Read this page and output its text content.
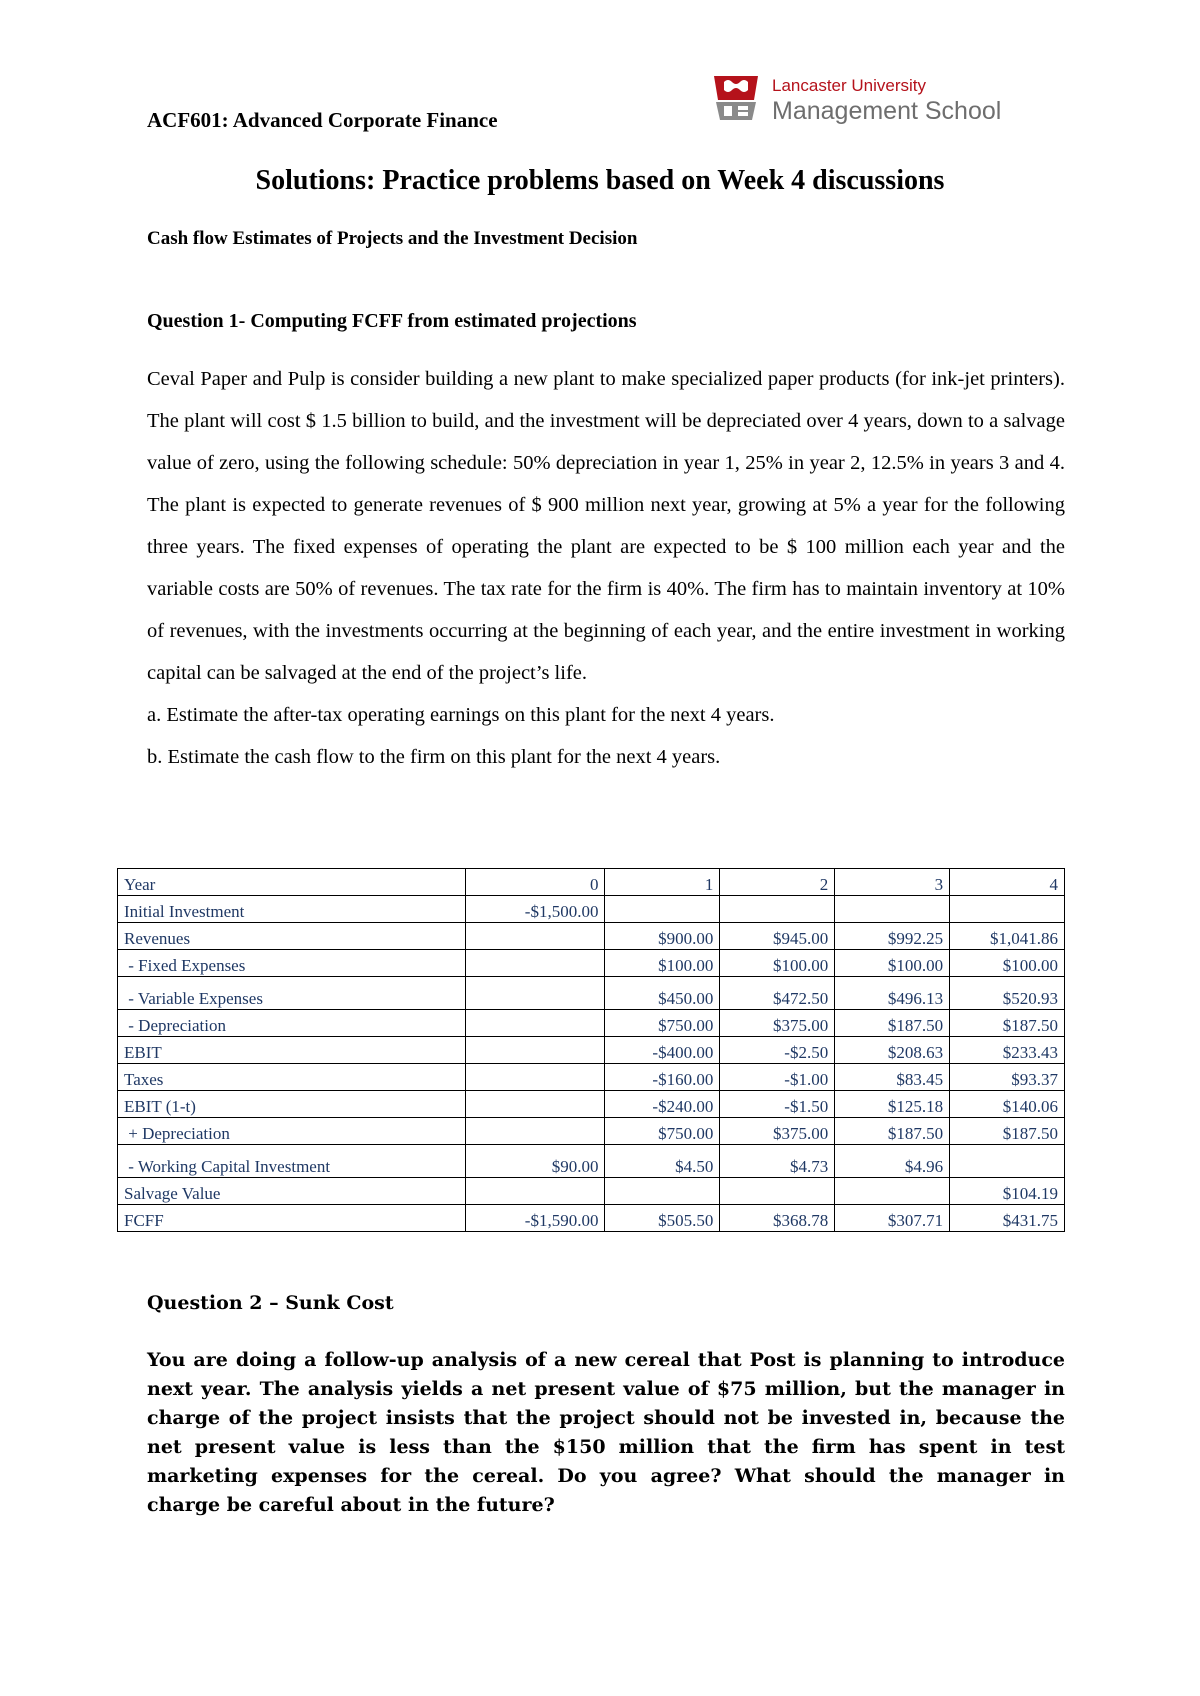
ACF601: Advanced Corporate Finance
Lancaster University
Management School
Solutions: Practice problems based on Week 4 discussions
Cash flow Estimates of Projects and the Investment Decision
Question 1- Computing FCFF from estimated projections

Ceval Paper and Pulp is consider building a new plant to make specialized paper products (for ink-jet printers). The plant will cost $ 1.5 billion to build, and the investment will be depreciated over 4 years, down to a salvage value of zero, using the following schedule: 50% depreciation in year 1, 25% in year 2, 12.5% in years 3 and 4. The plant is expected to generate revenues of $ 900 million next year, growing at 5% a year for the following three years. The fixed expenses of operating the plant are expected to be $ 100 million each year and the variable costs are 50% of revenues. The tax rate for the firm is 40%. The firm has to maintain inventory at 10% of revenues, with the investments occurring at the beginning of each year, and the entire investment in working capital can be salvaged at the end of the project’s life.

a. Estimate the after-tax operating earnings on this plant for the next 4 years.

b. Estimate the cash flow to the firm on this plant for the next 4 years.

Year	0	1	2	3	4
Initial Investment	-$1,500.00				
Revenues		$900.00	$945.00	$992.25	$1,041.86
- Fixed Expenses		$100.00	$100.00	$100.00	$100.00
- Variable Expenses		$450.00	$472.50	$496.13	$520.93
- Depreciation		$750.00	$375.00	$187.50	$187.50
EBIT		-$400.00	-$2.50	$208.63	$233.43
Taxes		-$160.00	-$1.00	$83.45	$93.37
EBIT (1-t)		-$240.00	-$1.50	$125.18	$140.06
+ Depreciation		$750.00	$375.00	$187.50	$187.50
- Working Capital Investment	$90.00	$4.50	$4.73	$4.96	
Salvage Value					$104.19
FCFF	-$1,590.00	$505.50	$368.78	$307.71	$431.75
Question 2 – Sunk Cost
You are doing a follow-up analysis of a new cereal that Post is planning to introduce next year. The analysis yields a net present value of $75 million, but the manager in charge of the project insists that the project should not be invested in, because the net present value is less than the $150 million that the firm has spent in test marketing expenses for the cereal. Do you agree? What should the manager in charge be careful about in the future?
